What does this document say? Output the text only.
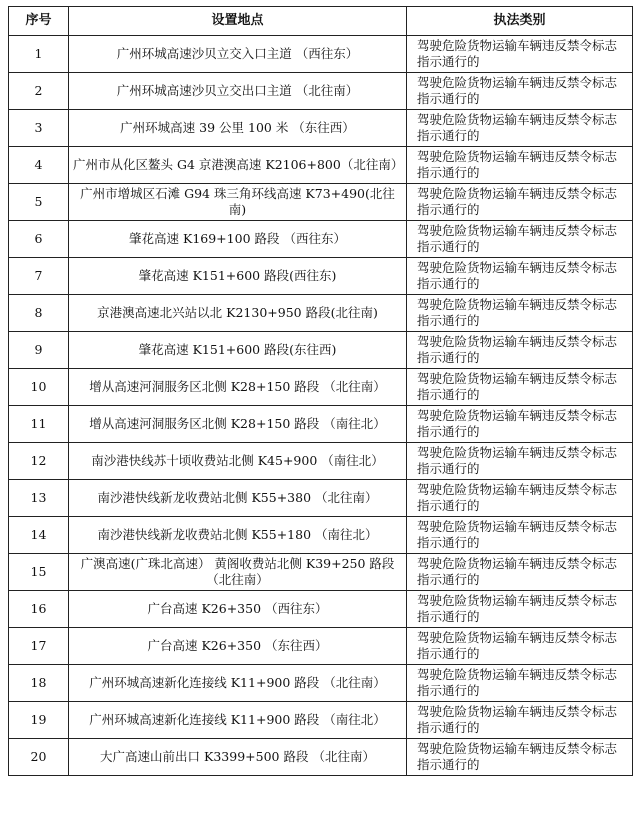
序号	设置地点	执法类别
1	广州环城高速沙贝立交入口主道 （西往东）	驾驶危险货物运输车辆违反禁令标志指示通行的
2	广州环城高速沙贝立交出口主道 （北往南）	驾驶危险货物运输车辆违反禁令标志指示通行的
3	广州环城高速 39 公里 100 米 （东往西）	驾驶危险货物运输车辆违反禁令标志指示通行的
4	广州市从化区鳌头 G4 京港澳高速 K2106+800（北往南）	驾驶危险货物运输车辆违反禁令标志指示通行的
5	广州市增城区石滩 G94 珠三角环线高速 K73+490(北往南)	驾驶危险货物运输车辆违反禁令标志指示通行的
6	肇花高速 K169+100 路段 （西往东）	驾驶危险货物运输车辆违反禁令标志指示通行的
7	肇花高速 K151+600 路段(西往东)	驾驶危险货物运输车辆违反禁令标志指示通行的
8	京港澳高速北兴站以北 K2130+950 路段(北往南)	驾驶危险货物运输车辆违反禁令标志指示通行的
9	肇花高速 K151+600 路段(东往西)	驾驶危险货物运输车辆违反禁令标志指示通行的
10	增从高速河洞服务区北侧 K28+150 路段 （北往南）	驾驶危险货物运输车辆违反禁令标志指示通行的
11	增从高速河洞服务区北侧 K28+150 路段 （南往北）	驾驶危险货物运输车辆违反禁令标志指示通行的
12	南沙港快线苏十顷收费站北侧 K45+900 （南往北）	驾驶危险货物运输车辆违反禁令标志指示通行的
13	南沙港快线新龙收费站北侧 K55+380 （北往南）	驾驶危险货物运输车辆违反禁令标志指示通行的
14	南沙港快线新龙收费站北侧 K55+180 （南往北）	驾驶危险货物运输车辆违反禁令标志指示通行的
15	广澳高速(广珠北高速） 黄阁收费站北侧 K39+250 路段 （北往南）	驾驶危险货物运输车辆违反禁令标志指示通行的
16	广台高速 K26+350 （西往东）	驾驶危险货物运输车辆违反禁令标志指示通行的
17	广台高速 K26+350 （东往西）	驾驶危险货物运输车辆违反禁令标志指示通行的
18	广州环城高速新化连接线 K11+900 路段 （北往南）	驾驶危险货物运输车辆违反禁令标志指示通行的
19	广州环城高速新化连接线 K11+900 路段 （南往北）	驾驶危险货物运输车辆违反禁令标志指示通行的
20	大广高速山前出口 K3399+500 路段 （北往南）	驾驶危险货物运输车辆违反禁令标志指示通行的
